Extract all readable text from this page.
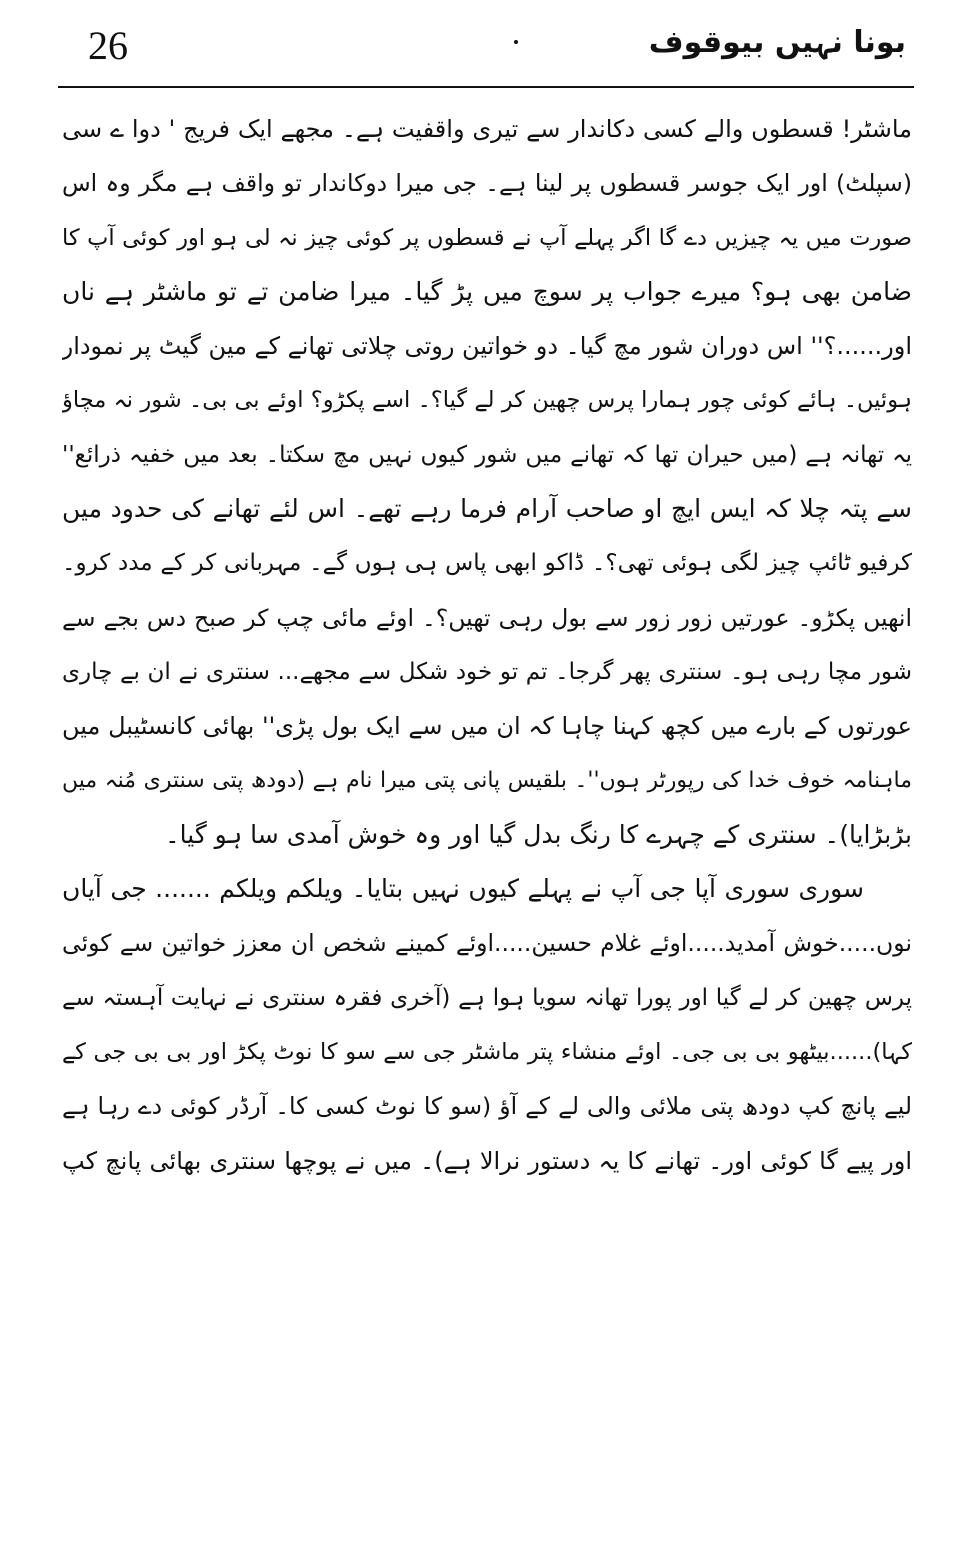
26	بونا نہیں بیوقوف
ماشٹر! قسطوں والے کسی دکاندار سے تیری واقفیت ہے۔ مجھے ایک فریج ' دوا ے سی
(سپلٹ) اور ایک جوسر قسطوں پر لینا ہے۔ جی میرا دوکاندار تو واقف ہے مگر وہ اس
صورت میں یہ چیزیں دے گا اگر پہلے آپ نے قسطوں پر کوئی چیز نہ لی ہو اور کوئی آپ کا
ضامن بھی ہو؟ میرے جواب پر سوچ میں پڑ گیا۔ میرا ضامن تے تو ماشٹر ہے ناں
اور......؟'' اس دوران شور مچ گیا۔ دو خواتین روتی چلاتی تھانے کے مین گیٹ پر نمودار
ہوئیں۔ ہائے کوئی چور ہمارا پرس چھین کر لے گیا؟۔ اسے پکڑو؟ اوئے بی بی۔ شور نہ مچاؤ
یہ تھانہ ہے (میں حیران تھا کہ تھانے میں شور کیوں نہیں مچ سکتا۔ بعد میں خفیہ ذرائع''
سے پتہ چلا کہ ایس ایچ او صاحب آرام فرما رہے تھے۔ اس لئے تھانے کی حدود میں
کرفیو ٹائپ چیز لگی ہوئی تھی؟۔ ڈاکو ابھی پاس ہی ہوں گے۔ مہربانی کر کے مدد کرو۔
انھیں پکڑو۔ عورتیں زور زور سے بول رہی تھیں؟۔ اوئے مائی چپ کر صبح دس بجے سے
شور مچا رہی ہو۔ سنتری پھر گرجا۔ تم تو خود شکل سے مجھے... سنتری نے ان بے چاری
عورتوں کے بارے میں کچھ کہنا چاہا کہ ان میں سے ایک بول پڑی'' بھائی کانسٹیبل میں
ماہنامہ خوف خدا کی رپورٹر ہوں''۔ بلقیس پانی پتی میرا نام ہے (دودھ پتی سنتری مُنہ میں
بڑبڑایا)۔ سنتری کے چہرے کا رنگ بدل گیا اور وہ خوش آمدی سا ہو گیا۔
سوری سوری آپا جی آپ نے پہلے کیوں نہیں بتایا۔ ویلکم ویلکم ....... جی آیاں
نوں.....خوش آمدید.....اوئے غلام حسین.....اوئے کمینے شخص ان معزز خواتین سے کوئی
پرس چھین کر لے گیا اور پورا تھانہ سویا ہوا ہے (آخری فقرہ سنتری نے نہایت آہستہ سے
کہا)......بیٹھو بی بی جی۔ اوئے منشاء پتر ماشٹر جی سے سو کا نوٹ پکڑ اور بی بی جی کے
لیے پانچ کپ دودھ پتی ملائی والی لے کے آؤ (سو کا نوٹ کسی کا۔ آرڈر کوئی دے رہا ہے
اور پیے گا کوئی اور۔ تھانے کا یہ دستور نرالا ہے)۔ میں نے پوچھا سنتری بھائی پانچ کپ
